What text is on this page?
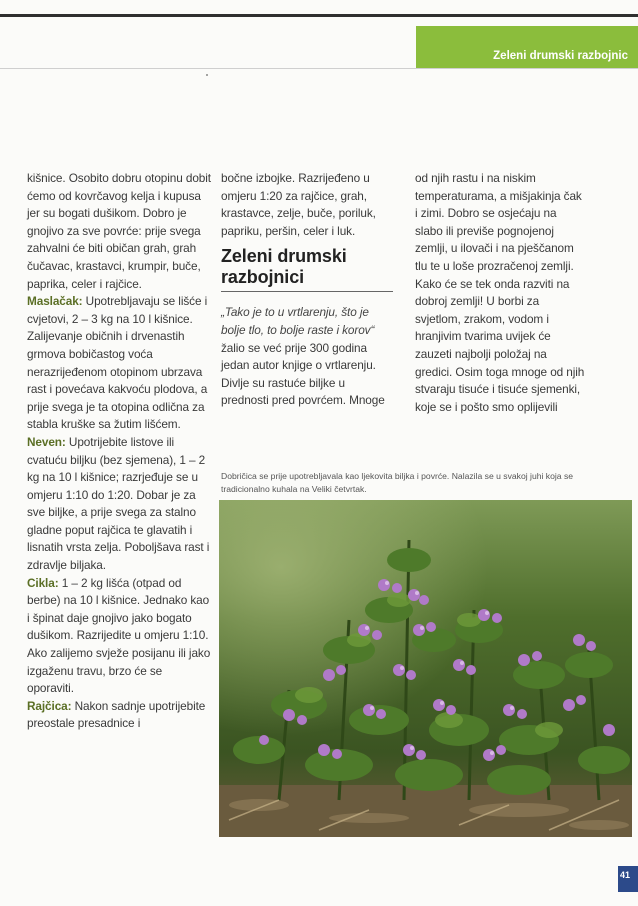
Zeleni drumski razbojnic

kišnice. Osobito dobru otopinu dobit ćemo od kovrčavog kelja i kupusa jer su bogati dušikom. Dobro je gnojivo za sve povrće: prije svega zahvalni će biti običan grah, grah čučavac, krastavci, krumpir, buče, paprika, celer i rajčice.

Maslačak: Upotrebljavaju se lišće i cvjetovi, 2 – 3 kg na 10 l kišnice. Zalijevanje običnih i drvenastih grmova bobičastog voća nerazrijeđenom otopinom ubrzava rast i povećava kakvoću plodova, a prije svega je ta otopina odlična za stabla kruške sa žutim lišćem.

Neven: Upotrijebite listove ili cvatuću biljku (bez sjemena), 1 – 2 kg na 10 l kišnice; razrjeđuje se u omjeru 1:10 do 1:20. Dobar je za sve biljke, a prije svega za stalno gladne poput rajčica te glavatih i lisnatih vrsta zelja. Poboljšava rast i zdravlje biljaka.

Cikla: 1 – 2 kg lišća (otpad od berbe) na 10 l kišnice. Jednako kao i špinat daje gnojivo jako bogato dušikom. Razrijedite u omjeru 1:10. Ako zalijemo svježe posijanu ili jako izgaženu travu, brzo će se oporaviti.

Rajčica: Nakon sadnje upotrijebite preostale presadnice i

bočne izbojke. Razrijeđeno u omjeru 1:20 za rajčice, grah, krastavce, zelje, buče, poriluk, papriku, peršin, celer i luk.

Zeleni drumski razbojnici

„Tako je to u vrtlarenju, što je bolje tlo, to bolje raste i korov“ žalio se već prije 300 godina jedan autor knjige o vrtlarenju. Divlje su rastuće biljke u prednosti pred povrćem. Mnoge

od njih rastu i na niskim temperaturama, a mišjakinja čak i zimi. Dobro se osjećaju na slabo ili previše pognojenoj zemlji, u ilovači i na pješčanom tlu te u loše prozračenoj zemlji. Kako će se tek onda razviti na dobroj zemlji! U borbi za svjetlom, zrakom, vodom i hranjivim tvarima uvijek će zauzeti najbolji položaj na gredici. Osim toga mnoge od njih stvaraju tisuće i tisuće sjemenki, koje se i pošto smo oplijevili

Dobričica se prije upotrebljavala kao ljekovita biljka i povrće. Nalazila se u svakoj juhi koja se tradicionalno kuhala na Veliki četvrtak.
41
